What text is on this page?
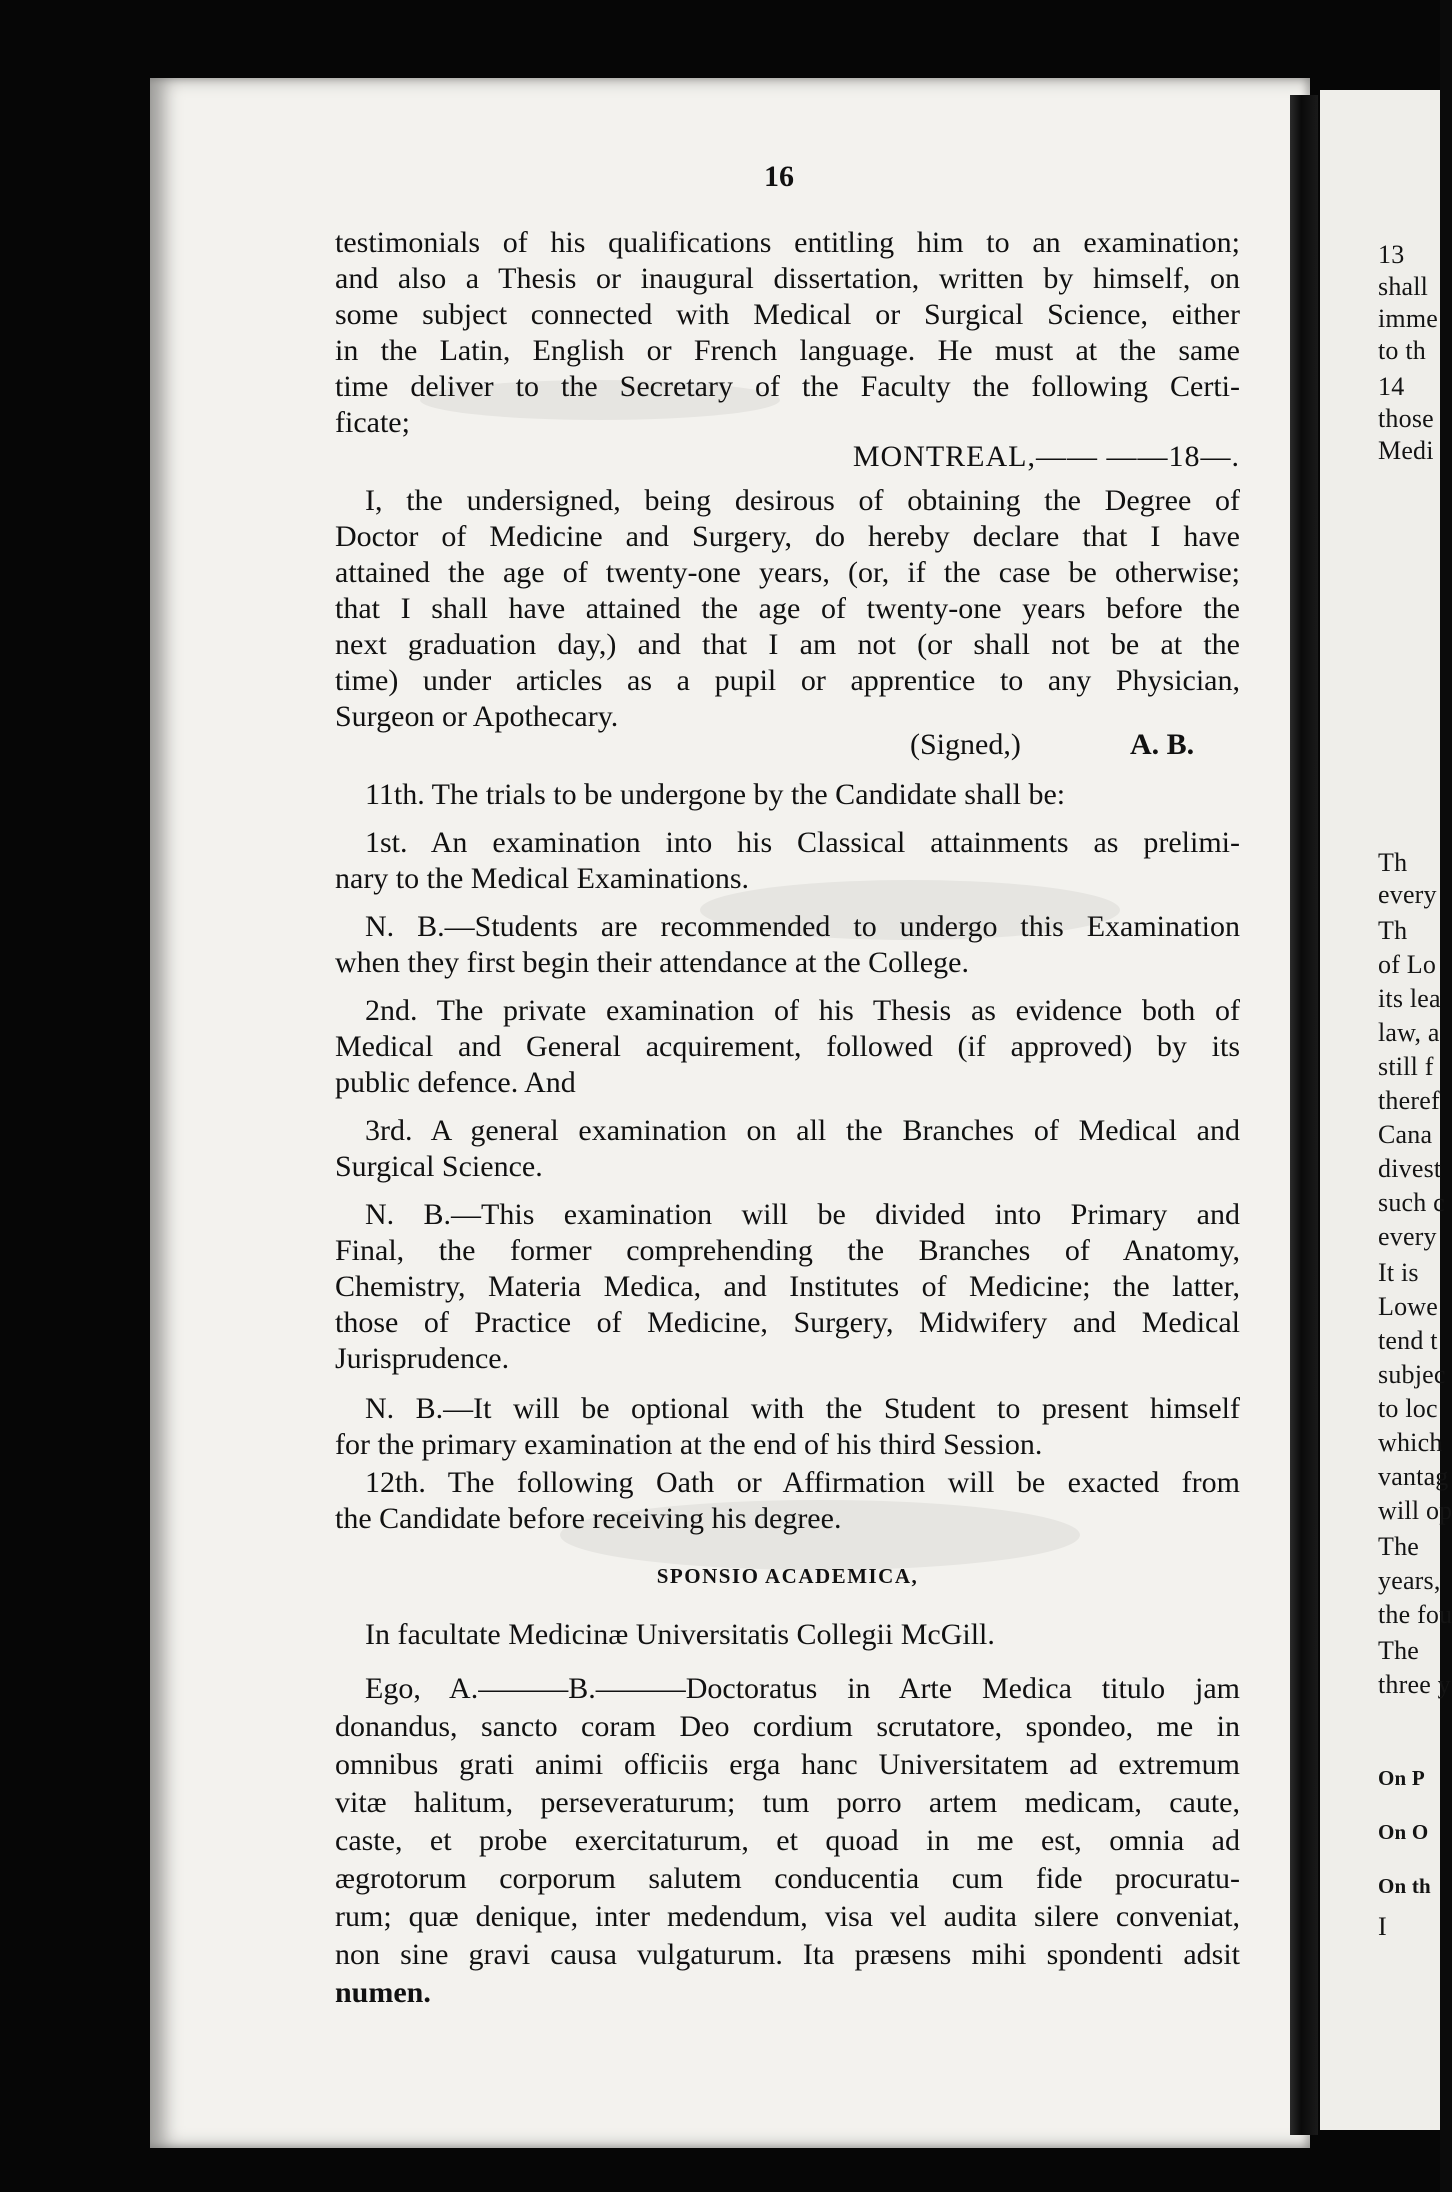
13
shall
imme
to th
14
those
Medi
Th
every
Th
of Lo
its lea
law, a
still f
theref
Cana
divest
such c
every
It is
Lowe
tend t
subjec
to loc
which
vantag
will op
The
years,
the fou
The
three y
On P
On O
On th
I
16
testimonials of his qualifications entitling him to an examination;
and also a Thesis or inaugural dissertation, written by himself, on
some subject connected with Medical or Surgical Science, either
in the Latin, English or French language. He must at the same
time deliver to the Secretary of the Faculty the following Certi-
ficate;
MONTREAL,—— ——18—.
I, the undersigned, being desirous of obtaining the Degree of
Doctor of Medicine and Surgery, do hereby declare that I have
attained the age of twenty-one years, (or, if the case be otherwise;
that I shall have attained the age of twenty-one years before the
next graduation day,) and that I am not (or shall not be at the
time) under articles as a pupil or apprentice to any Physician,
Surgeon or Apothecary.
(Signed,)	A. B.
11th. The trials to be undergone by the Candidate shall be:
1st. An examination into his Classical attainments as prelimi-
nary to the Medical Examinations.
N. B.—Students are recommended to undergo this Examination
when they first begin their attendance at the College.
2nd. The private examination of his Thesis as evidence both of
Medical and General acquirement, followed (if approved) by its
public defence. And
3rd. A general examination on all the Branches of Medical and
Surgical Science.
N. B.—This examination will be divided into Primary and
Final, the former comprehending the Branches of Anatomy,
Chemistry, Materia Medica, and Institutes of Medicine; the latter,
those of Practice of Medicine, Surgery, Midwifery and Medical
Jurisprudence.
N. B.—It will be optional with the Student to present himself
for the primary examination at the end of his third Session.
12th. The following Oath or Affirmation will be exacted from
the Candidate before receiving his degree.
SPONSIO ACADEMICA,
In facultate Medicinæ Universitatis Collegii McGill.
Ego, A.———B.———Doctoratus in Arte Medica titulo jam
donandus, sancto coram Deo cordium scrutatore, spondeo, me in
omnibus grati animi officiis erga hanc Universitatem ad extremum
vitæ halitum, perseveraturum; tum porro artem medicam, caute,
caste, et probe exercitaturum, et quoad in me est, omnia ad
ægrotorum corporum salutem conducentia cum fide procuratu-
rum; quæ denique, inter medendum, visa vel audita silere conveniat,
non sine gravi causa vulgaturum. Ita præsens mihi spondenti adsit
numen.
